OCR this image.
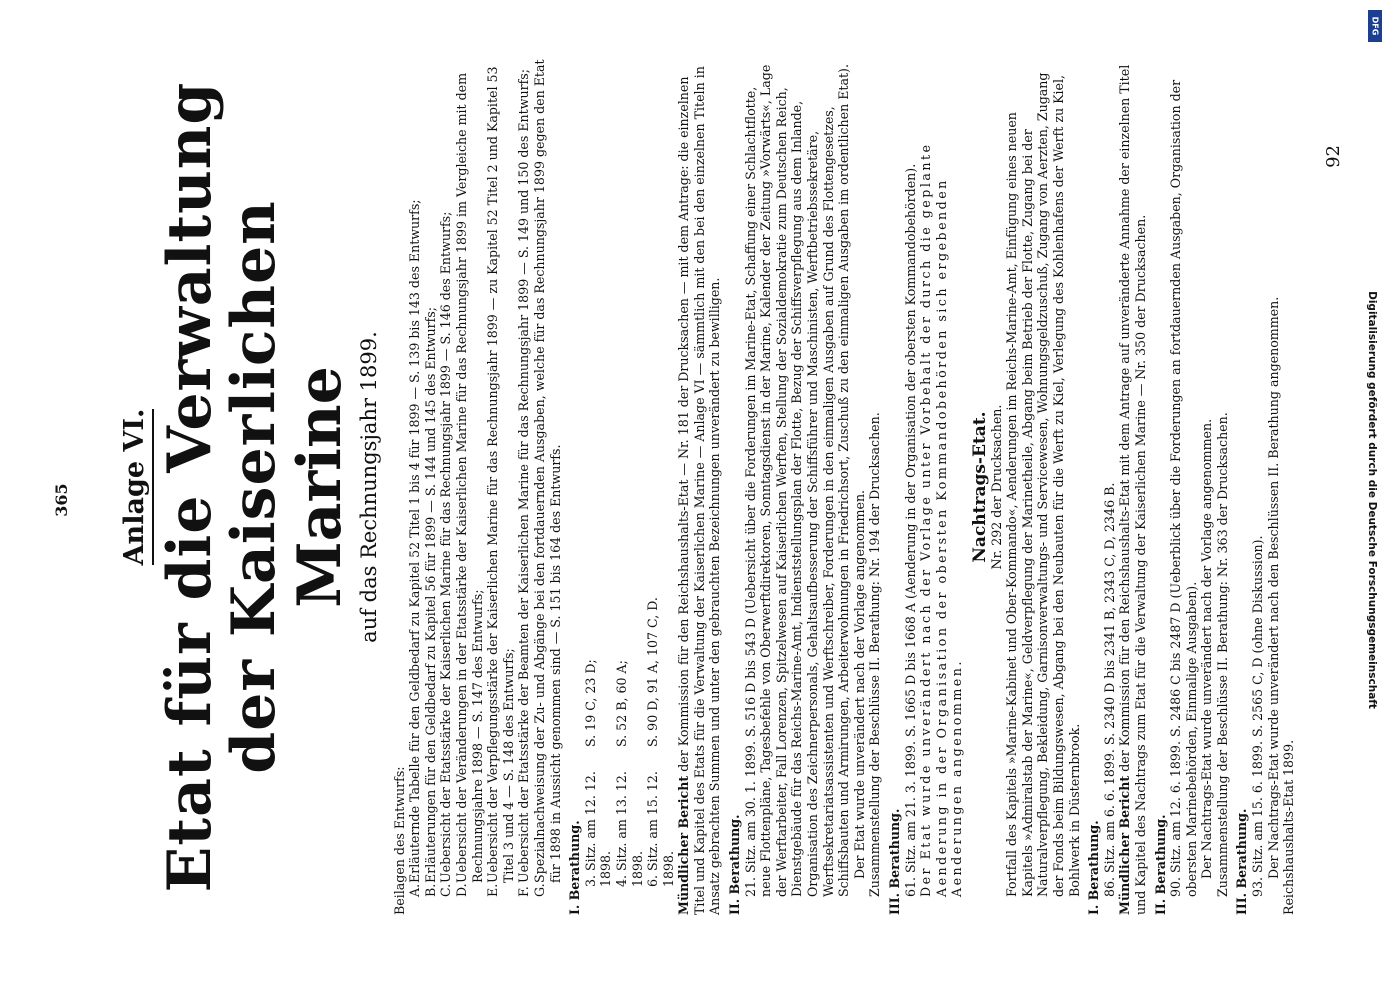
365 Anlage VI. Etat für die Verwaltung der Kaiserlichen
Marine auf das Rechnungsjahr 1899.

Beilagen des Entwurfs: A.
Erläuternde Tabelle für den Geldbedarf zu Kapitel 52 Titel 1 bis 4 für 1899 — S. 139 bis 143 des Entwurfs;
B.
Erläuterungen für den Geldbedarf zu Kapitel 56 für 1899 — S. 144 und 145 des Entwurfs;
C.
Uebersicht der Etatsstärke der Kaiserlichen Marine für das Rechnungsjahr 1899 — S. 146 des Entwurfs;
D.
Uebersicht der Veränderungen in der Etatsstärke der Kaiserlichen Marine für das Rechnungsjahr 1899 im Vergleiche mit dem Rechnungsjahre 1898 — S. 147 des Entwurfs;
E.
Uebersicht der Verpflegungsstärke der Kaiserlichen Marine für das Rechnungsjahr 1899 — zu Kapitel 52 Titel 2 und Kapitel 53 Titel 3 und 4 — S. 148 des Entwurfs;
F.
Uebersicht der Etatsstärke der Beamten der Kaiserlichen Marine für das Rechnungsjahr 1899 — S. 149 und 150 des Entwurfs;
G.
Spezialnachweisung der Zu- und Abgänge bei den fortdauernden Ausgaben, welche für das Rechnungsjahr 1899 gegen den Etat für 1898 in Aussicht genommen sind — S. 151 bis 164 des Entwurfs. I. Berathung. 3. Sitz. am 12. 12. 1898.
S. 19 C, 23 D;
4. Sitz. am 13. 12. 1898.
S. 52 B, 60 A;
6. Sitz. am 15. 12. 1898.
S. 90 D, 91 A, 107 C, D.

Mündlicher Bericht der Kommission für den Reichshaushalts-Etat — Nr. 181 der Drucksachen — mit dem Antrage: die einzelnen Titel und Kapitel des Etats für die Verwaltung der Kaiserlichen Marine — Anlage VI — sämmtlich mit den bei den einzelnen Titeln in Ansatz gebrachten Summen und unter den gebrauchten Bezeichnungen unverändert zu bewilligen. II. Berathung. 21. Sitz. am 30. 1. 1899. S. 516 D bis 543 D (Uebersicht über die Forderungen im Marine-Etat, Schaffung einer Schlachtflotte, neue Flottenpläne, Tagesbefehle von Oberwerftdirektoren, Sonntagsdienst in der Marine, Kalender der Zeitung »Vorwärts«, Lage der Werftarbeiter, Fall Lorenzen, Spitzelwesen auf Kaiserlichen Werften, Stellung der Sozialdemokratie zum Deutschen Reich, Dienstgebäude für das Reichs-Marine-Amt, Indienststellungsplan der Flotte, Bezug der Schiffsverpflegung aus dem Inlande, Organisation des Zeichnerpersonals, Gehaltsaufbesserung der Schiffsführer und Maschinisten, Werftbetriebssekretäre, Werftsekretariatsassistenten und Werftschreiber, Forderungen in den einmaligen Ausgaben auf Grund des Flottengesetzes, Schiffsbauten und Armirungen, Arbeiterwohnungen in Friedrichsort, Zuschuß zu den einmaligen Ausgaben im ordentlichen Etat). Der Etat wurde unverändert nach der Vorlage angenommen. Zusammenstellung der Beschlüsse II. Berathung: Nr. 194 der Drucksachen. III. Berathung. 61. Sitz. am 21. 3. 1899. S. 1665 D bis 1668 A (Aenderung in der Organisation der obersten Kommandobehörden). Der Etat wurde unverändert nach der Vorlage unter Vorbehalt der durch die geplante Aenderung in der Organisation der obersten Kommandobehörden sich ergebenden Aenderungen angenommen.

Nachtrags-Etat.

Nr. 292 der Drucksachen. Fortfall des Kapitels »Marine-Kabinet und Ober-Kommando«, Aenderungen im Reichs-Marine-Amt, Einfügung eines neuen Kapitels »Admiralstab der Marine«, Geldverpflegung der Marinetheile, Abgang beim Betrieb der Flotte, Zugang bei der Naturalverpflegung, Bekleidung, Garnisonverwaltungs- und Servicewesen, Wohnungsgeldzuschuß, Zugang von Aerzten, Zugang der Fonds beim Bildungswesen, Abgang bei den Neubauten für die Werft zu Kiel, Verlegung des Kohlenhafens der Werft zu Kiel, Bohlwerk in Düsternbrook. I. Berathung. 86. Sitz. am 6. 6. 1899. S. 2340 D bis 2341 B, 2343 C, D, 2346 B. Mündlicher Bericht der Kommission für den Reichshaushalts-Etat mit dem Antrage auf unveränderte Annahme der einzelnen Titel und Kapitel des Nachtrags zum Etat für die Verwaltung der Kaiserlichen Marine — Nr. 350 der Drucksachen. II. Berathung. 90. Sitz. am 12. 6. 1899. S. 2486 C bis 2487 D (Ueberblick über die Forderungen an fortdauernden Ausgaben, Organisation der obersten Marinebehörden, Einmalige Ausgaben). Der Nachtrags-Etat wurde unverändert nach der Vorlage angenommen. Zusammenstellung der Beschlüsse II. Berathung: Nr. 363 der Drucksachen. III. Berathung. 93. Sitz. am 15. 6. 1899. S. 2565 C, D (ohne Diskussion). Der Nachtrags-Etat wurde unverändert nach den Beschlüssen II. Berathung angenommen. Reichshaushalts-Etat 1899.

92
Digitalisierung gefördert durch die Deutsche Forschungsgemeinschaft
DFG
